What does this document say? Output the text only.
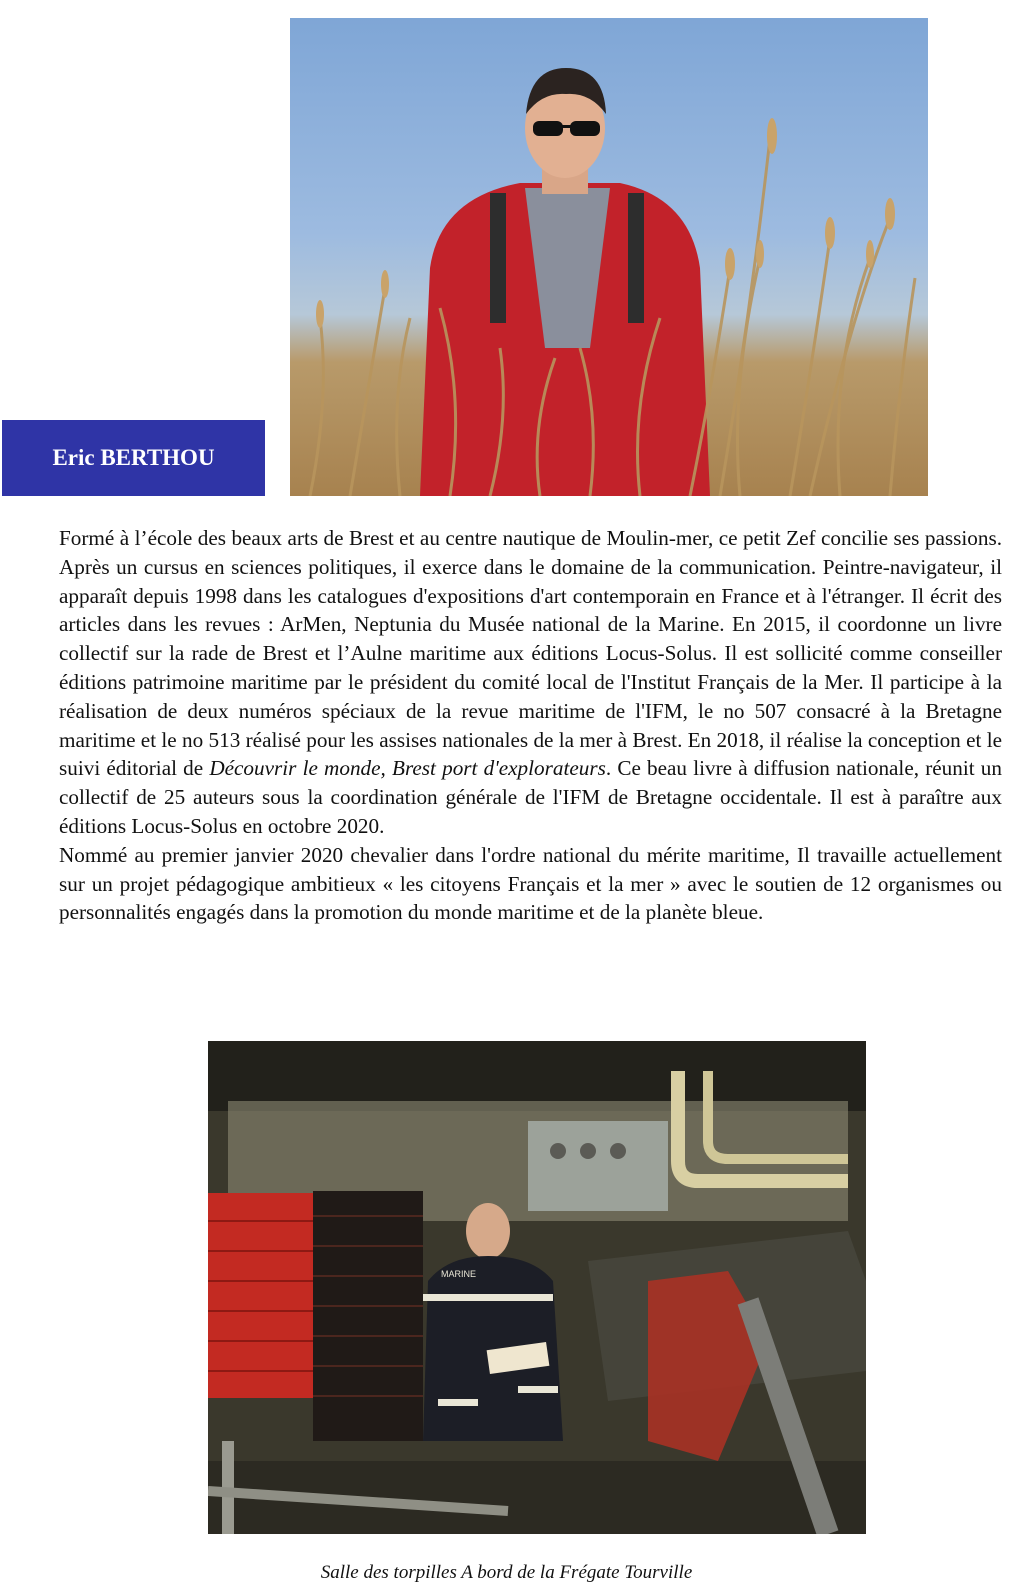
Eric BERTHOU

Formé à l’école des beaux arts de Brest et au centre nautique de Moulin-mer, ce petit Zef concilie ses passions. Après un cursus en sciences politiques, il exerce dans le domaine de la communication. Peintre-navigateur, il apparaît depuis 1998 dans les catalogues d'expositions d'art contemporain en France et à l'étranger. Il écrit des articles dans les revues : ArMen, Neptunia du Musée national de la Marine. En 2015, il coordonne un livre collectif sur la rade de Brest et l’Aulne maritime aux éditions Locus-Solus. Il est sollicité comme conseiller éditions patrimoine maritime par le président du comité local de l'Institut Français de la Mer. Il participe à la réalisation de deux numéros spéciaux de la revue maritime de l'IFM, le no 507 consacré à la Bretagne maritime et le no 513 réalisé pour les assises nationales de la mer à Brest. En 2018, il réalise la conception et le suivi éditorial de Découvrir le monde, Brest port d'explorateurs. Ce beau livre à diffusion nationale, réunit un collectif de 25 auteurs sous la coordination générale de l'IFM de Bretagne occidentale. Il est à paraître aux éditions Locus-Solus en octobre 2020.

Nommé au premier janvier 2020 chevalier dans l'ordre national du mérite maritime, Il travaille actuellement sur un projet pédagogique ambitieux « les citoyens Français et la mer » avec le soutien de 12 organismes ou personnalités engagés dans la promotion du monde maritime et de la planète bleue.

MARINE
Salle des torpilles A bord de la Frégate Tourville
